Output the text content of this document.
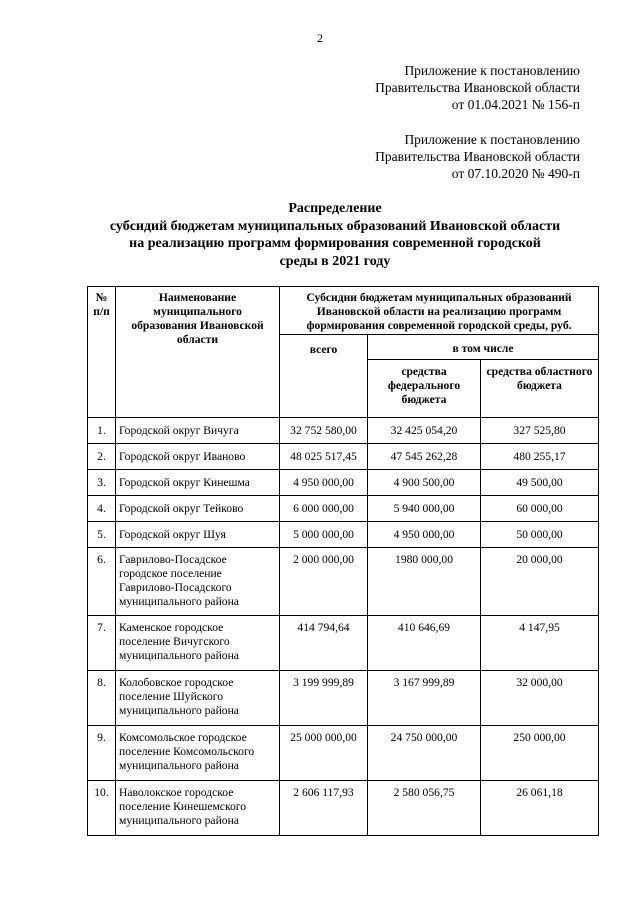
2
Приложение к постановлению
Правительства Ивановской области
от 01.04.2021 № 156-п
Приложение к постановлению
Правительства Ивановской области
от 07.10.2020 № 490-п
Распределение
субсидий бюджетам муниципальных образований Ивановской области
на реализацию программ формирования современной городской
среды в 2021 году
№ п/п	Наименование муниципального образования Ивановской области	Субсидии бюджетам муниципальных образований Ивановской области на реализацию программ формирования современной городской среды, руб.		
		всего	в том числе	
			средства федерального бюджета	средства областного бюджета
1.	Городской округ Вичуга	32 752 580,00	32 425 054,20	327 525,80
2.	Городской округ Иваново	48 025 517,45	47 545 262,28	480 255,17
3.	Городской округ Кинешма	4 950 000,00	4 900 500,00	49 500,00
4.	Городской округ Тейково	6 000 000,00	5 940 000,00	60 000,00
5.	Городской округ Шуя	5 000 000,00	4 950 000,00	50 000,00
6.	Гаврилово-Посадское городское поселение Гаврилово-Посадского муниципального района	2 000 000,00	1980 000,00	20 000,00
7.	Каменское городское поселение Вичугского муниципального района	414 794,64	410 646,69	4 147,95
8.	Колобовское городское поселение Шуйского муниципального района	3 199 999,89	3 167 999,89	32 000,00
9.	Комсомольское городское поселение Комсомольского муниципального района	25 000 000,00	24 750 000,00	250 000,00
10.	Наволокское городское поселение Кинешемского муниципального района	2 606 117,93	2 580 056,75	26 061,18
